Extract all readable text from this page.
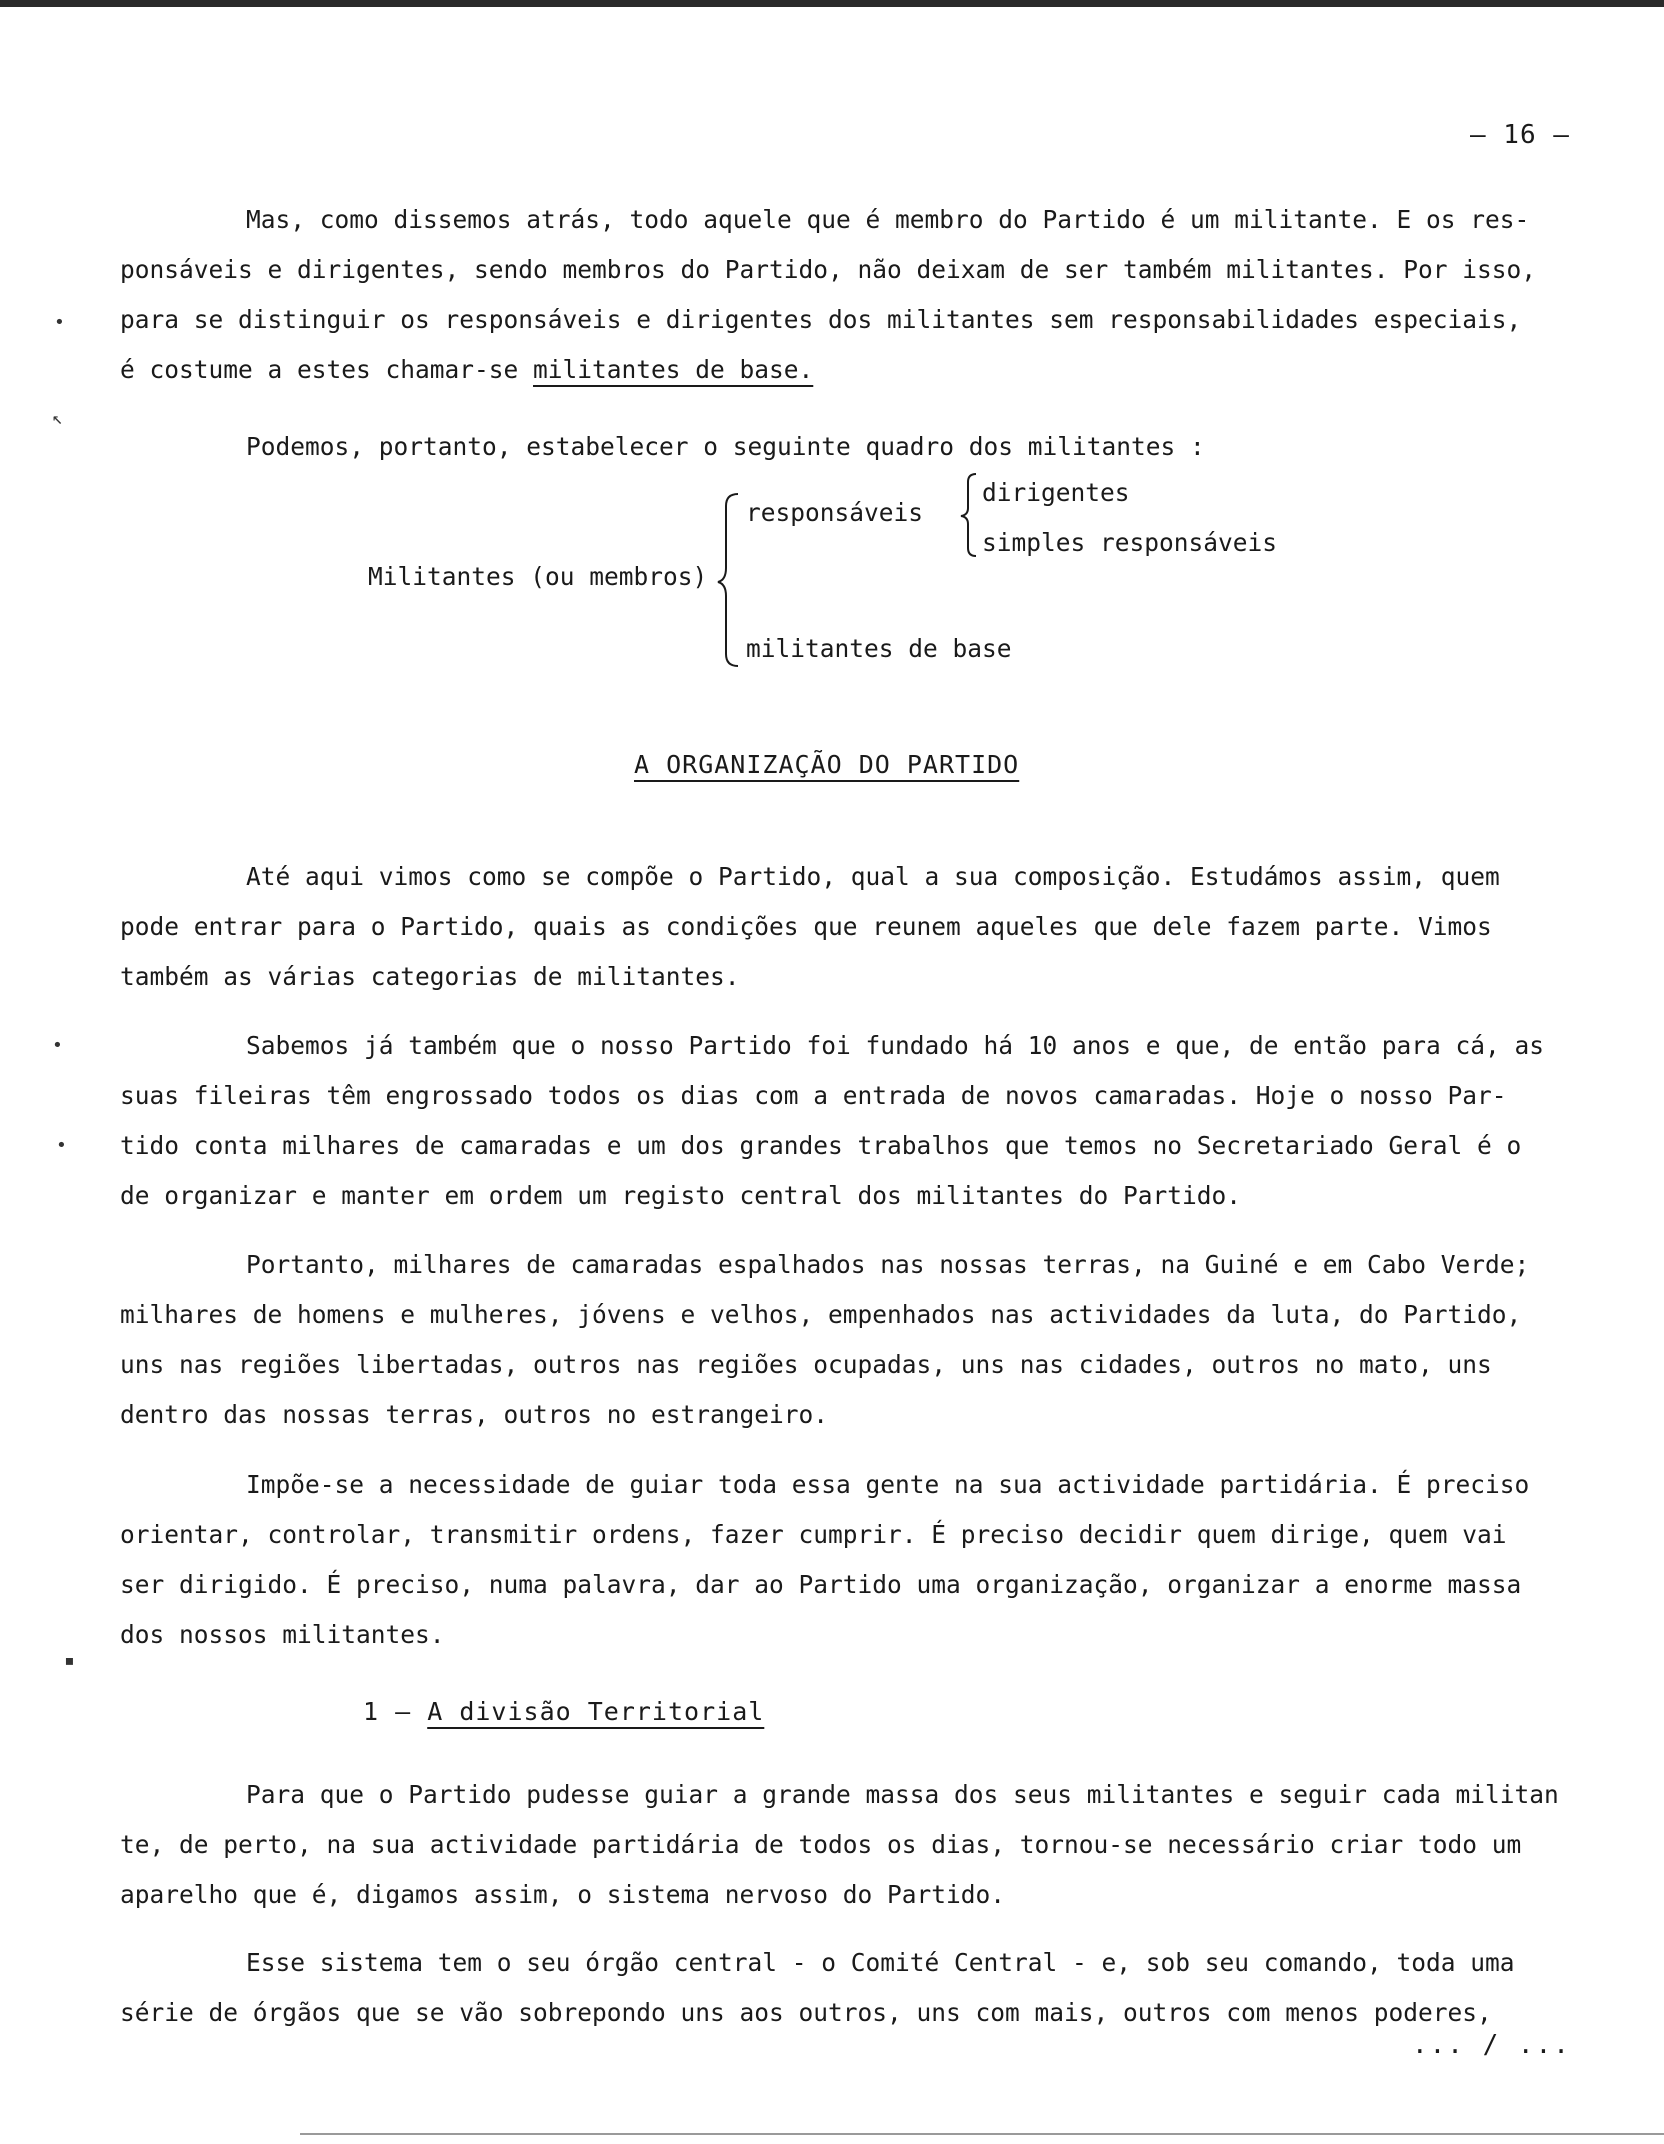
– 16 –
Mas, como dissemos atrás, todo aquele que é membro do Partido é um militante. E os res-
ponsáveis e dirigentes, sendo membros do Partido, não deixam de ser também militantes. Por isso,
para se distinguir os responsáveis e dirigentes dos militantes sem responsabilidades especiais,
é costume a estes chamar-se militantes de base.
Podemos, portanto, estabelecer o seguinte quadro dos militantes :
Militantes (ou membros)
responsáveis
dirigentes
simples responsáveis
militantes de base
A ORGANIZAÇÃO DO PARTIDO
Até aqui vimos como se compõe o Partido, qual a sua composição. Estudámos assim, quem
pode entrar para o Partido, quais as condições que reunem aqueles que dele fazem parte. Vimos
também as várias categorias de militantes.
Sabemos já também que o nosso Partido foi fundado há 10 anos e que, de então para cá, as
suas fileiras têm engrossado todos os dias com a entrada de novos camaradas. Hoje o nosso Par-
tido conta milhares de camaradas e um dos grandes trabalhos que temos no Secretariado Geral é o
de organizar e manter em ordem um registo central dos militantes do Partido.
Portanto, milhares de camaradas espalhados nas nossas terras, na Guiné e em Cabo Verde;
milhares de homens e mulheres, jóvens e velhos, empenhados nas actividades da luta, do Partido,
uns nas regiões libertadas, outros nas regiões ocupadas, uns nas cidades, outros no mato, uns
dentro das nossas terras, outros no estrangeiro.
Impõe-se a necessidade de guiar toda essa gente na sua actividade partidária. É preciso
orientar, controlar, transmitir ordens, fazer cumprir. É preciso decidir quem dirige, quem vai
ser dirigido. É preciso, numa palavra, dar ao Partido uma organização, organizar a enorme massa
dos nossos militantes.
1 – A divisão Territorial
Para que o Partido pudesse guiar a grande massa dos seus militantes e seguir cada militan
te, de perto, na sua actividade partidária de todos os dias, tornou-se necessário criar todo um
aparelho que é, digamos assim, o sistema nervoso do Partido.
Esse sistema tem o seu órgão central - o Comité Central - e, sob seu comando, toda uma
série de órgãos que se vão sobrepondo uns aos outros, uns com mais, outros com menos poderes,
... / ...
•
↖
•
•
▪
